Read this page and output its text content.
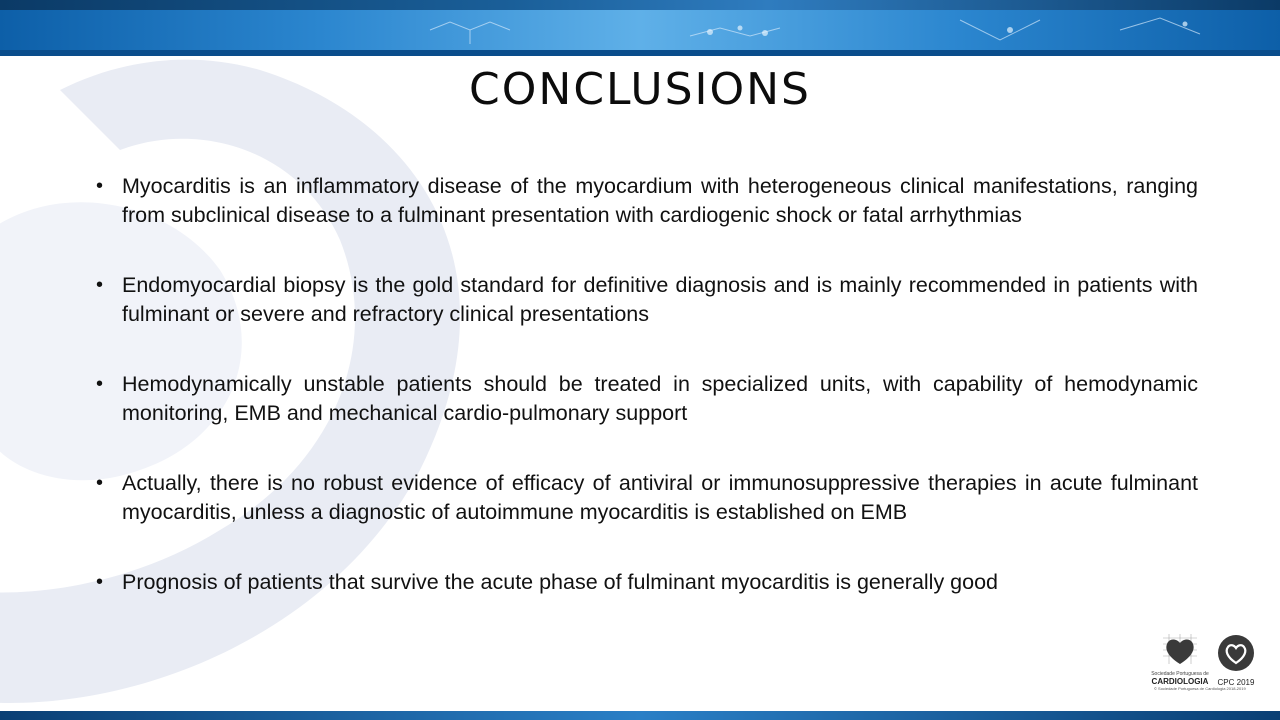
CONCLUSIONS
• Myocarditis is an inflammatory disease of the myocardium with heterogeneous clinical manifestations, ranging from subclinical disease to a fulminant presentation with cardiogenic shock or fatal arrhythmias
• Endomyocardial biopsy is the gold standard for definitive diagnosis and is mainly recommended in patients with fulminant or severe and refractory clinical presentations
• Hemodynamically unstable patients should be treated in specialized units, with capability of hemodynamic monitoring, EMB and mechanical cardio-pulmonary support
• Actually, there is no robust evidence of efficacy of antiviral or immunosuppressive therapies in acute fulminant myocarditis, unless a diagnostic of autoimmune myocarditis is established on EMB
• Prognosis of patients that survive the acute phase of fulminant myocarditis is generally good
Sociedade Portuguesa de
CARDIOLOGIA	CPC 2019
© Sociedade Portuguesa de Cardiologia 2018-2019
